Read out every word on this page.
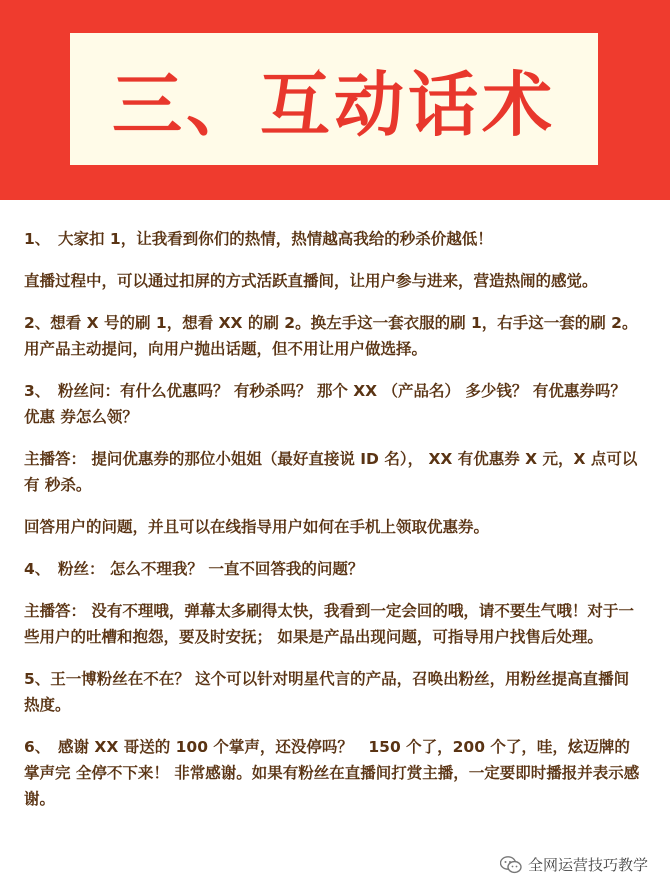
三、互动话术

1、　大家扣 1，让我看到你们的热情，热情越高我给的秒杀价越低！

直播过程中，可以通过扣屏的方式活跃直播间，让用户参与进来，营造热闹的感觉。

2、想看 X 号的刷 1，想看 XX 的刷 2。换左手这一套衣服的刷 1，右手这一套的刷 2。 用产品主动提问，向用户抛出话题，但不用让用户做选择。

3、　粉丝问：有什么优惠吗？ 有秒杀吗？ 那个 XX （产品名） 多少钱？ 有优惠券吗？ 优惠 券怎么领？

主播答： 提问优惠券的那位小姐姐（最好直接说 ID 名）， XX 有优惠券 X 元，X 点可以有 秒杀。

回答用户的问题，并且可以在线指导用户如何在手机上领取优惠券。

4、　粉丝： 怎么不理我？ 一直不回答我的问题？

主播答： 没有不理哦，弹幕太多刷得太快，我看到一定会回的哦，请不要生气哦！对于一些用户的吐槽和抱怨，要及时安抚； 如果是产品出现问题，可指导用户找售后处理。

5、王一博粉丝在不在？ 这个可以针对明星代言的产品，召唤出粉丝，用粉丝提高直播间热度。

6、　感谢 XX 哥送的 100 个掌声，还没停吗？　150 个了，200 个了，哇，炫迈牌的掌声完 全停不下来！ 非常感谢。如果有粉丝在直播间打赏主播，一定要即时播报并表示感谢。

全网运营技巧教学
